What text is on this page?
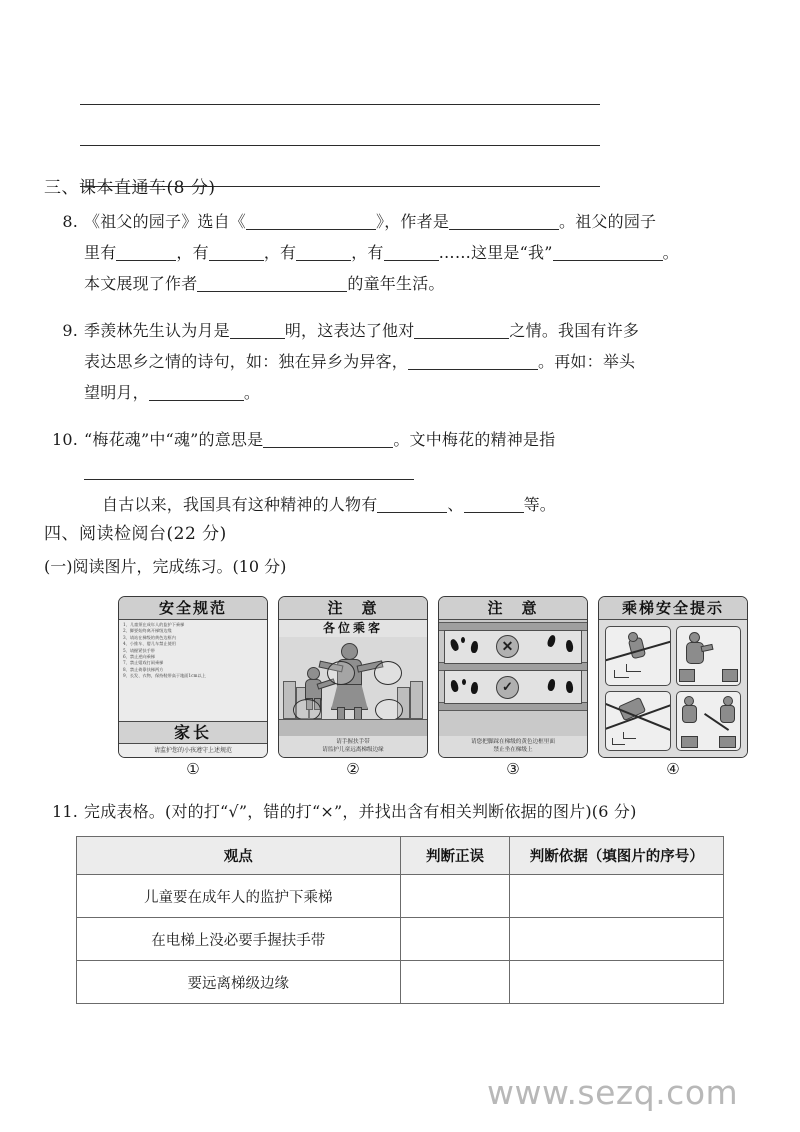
三、课本直通车(8 分)
8. 《祖父的园子》选自《	》，作者是	。祖父的园子
里有	，有	，有	，有	……这里是“我”	。
本文展现了作者	的童年生活。
9. 季羡林先生认为月是	明，这表达了他对	之情。我国有许多
表达思乡之情的诗句，如：独在异乡为异客，	。再如：举头
望明月，	。
10. “梅花魂”中“魂”的意思是	。文中梅花的精神是指
自古以来，我国具有这种精神的人物有	、	等。
四、阅读检阅台(22 分)
(一)阅读图片，完成练习。(10 分)
安全规范
1、儿童须在成年人的监护下乘梯
2、脚要始终离开梯级边缘
3、请站在梯级的黄色边框内
4、小推车、婴儿车禁止使用
5、请握紧扶手带
6、禁止逆向乘梯
7、禁止嬉戏打闹乘梯
8、禁止倚靠扶梯两方
9、长发、衣物，保持鞋带高于地面1cm以上
家长
请监护您的小孩遵守上述规范
注　意
各位乘客
请手握扶手带
请监护儿童远离梯级边缘
注　意
✕
✓
请您把脚踩在梯级的黄色边框里面
禁止坐在梯级上
乘梯安全提示
①	②	③	④
11. 完成表格。(对的打“√”，错的打“×”，并找出含有相关判断依据的图片)(6 分)
观点	判断正误	判断依据（填图片的序号）
儿童要在成年人的监护下乘梯		
在电梯上没必要手握扶手带		
要远离梯级边缘		
www.sezq.com
